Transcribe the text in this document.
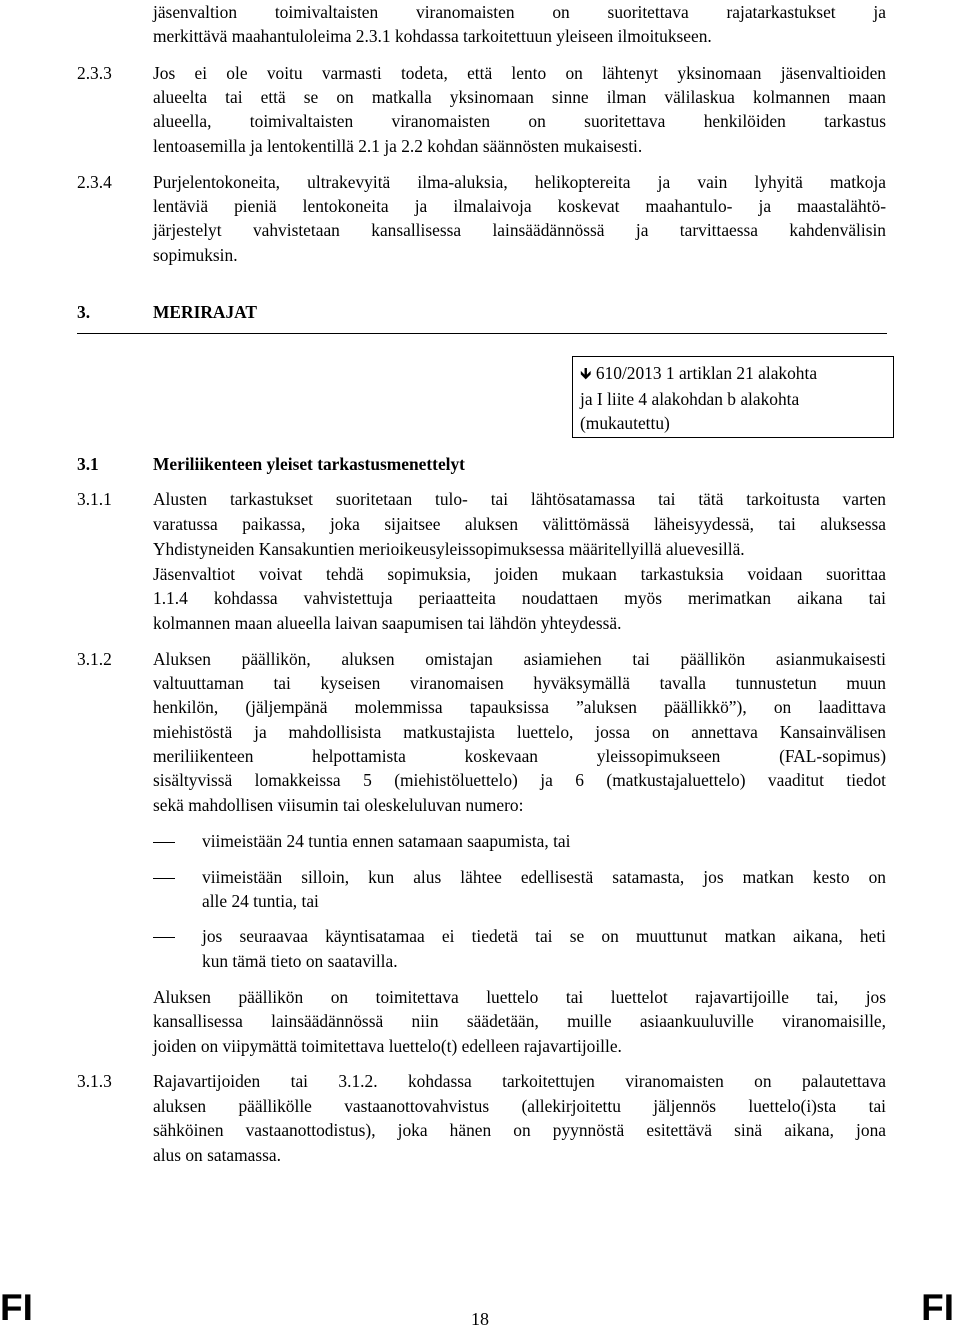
jäsenvaltion toimivaltaisten viranomaisten on suoritettava rajatarkastukset ja
merkittävä maahantuloleima 2.3.1 kohdassa tarkoitettuun yleiseen ilmoitukseen.
2.3.3 Jos ei ole voitu varmasti todeta, että lento on lähtenyt yksinomaan jäsenvaltioiden
alueelta tai että se on matkalla yksinomaan sinne ilman välilaskua kolmannen maan
alueella, toimivaltaisten viranomaisten on suoritettava henkilöiden tarkastus
lentoasemilla ja lentokentillä 2.1 ja 2.2 kohdan säännösten mukaisesti.
2.3.4 Purjelentokoneita, ultrakevyitä ilma-aluksia, helikoptereita ja vain lyhyitä matkoja
lentäviä pieniä lentokoneita ja ilmalaivoja koskevat maahantulo- ja maastalähtö-
järjestelyt vahvistetaan kansallisessa lainsäädännössä ja tarvittaessa kahdenvälisin
sopimuksin.
3.	MERIRAJAT
🡻 610/2013 1 artiklan 21 alakohta
ja I liite 4 alakohdan b alakohta
(mukautettu)
3.1	Meriliikenteen yleiset tarkastusmenettelyt
3.1.1 Alusten tarkastukset suoritetaan tulo- tai lähtösatamassa tai tätä tarkoitusta varten
varatussa paikassa, joka sijaitsee aluksen välittömässä läheisyydessä, tai aluksessa
Yhdistyneiden Kansakuntien merioikeusyleissopimuksessa määritellyillä aluevesillä.
Jäsenvaltiot voivat tehdä sopimuksia, joiden mukaan tarkastuksia voidaan suorittaa
1.1.4 kohdassa vahvistettuja periaatteita noudattaen myös merimatkan aikana tai
kolmannen maan alueella laivan saapumisen tai lähdön yhteydessä.
3.1.2 Aluksen päällikön, aluksen omistajan asiamiehen tai päällikön asianmukaisesti
valtuuttaman tai kyseisen viranomaisen hyväksymällä tavalla tunnustetun muun
henkilön, (jäljempänä molemmissa tapauksissa ”aluksen päällikkö”), on laadittava
miehistöstä ja mahdollisista matkustajista luettelo, jossa on annettava Kansainvälisen
meriliikenteen helpottamista koskevaan yleissopimukseen (FAL-sopimus)
sisältyvissä lomakkeissa 5 (miehistöluettelo) ja 6 (matkustajaluettelo) vaaditut tiedot
sekä mahdollisen viisumin tai oleskeluluvan numero:
viimeistään 24 tuntia ennen satamaan saapumista, tai
viimeistään silloin, kun alus lähtee edellisestä satamasta, jos matkan kesto on
alle 24 tuntia, tai
jos seuraavaa käyntisatamaa ei tiedetä tai se on muuttunut matkan aikana, heti
kun tämä tieto on saatavilla.
Aluksen päällikön on toimitettava luettelo tai luettelot rajavartijoille tai, jos
kansallisessa lainsäädännössä niin säädetään, muille asiaankuuluville viranomaisille,
joiden on viipymättä toimitettava luettelo(t) edelleen rajavartijoille.
3.1.3 Rajavartijoiden tai 3.1.2. kohdassa tarkoitettujen viranomaisten on palautettava
aluksen päällikölle vastaanottovahvistus (allekirjoitettu jäljennös luettelo(i)sta tai
sähköinen vastaanottodistus), joka hänen on pyynnöstä esitettävä sinä aikana, jona
alus on satamassa.
FI	18	FI
